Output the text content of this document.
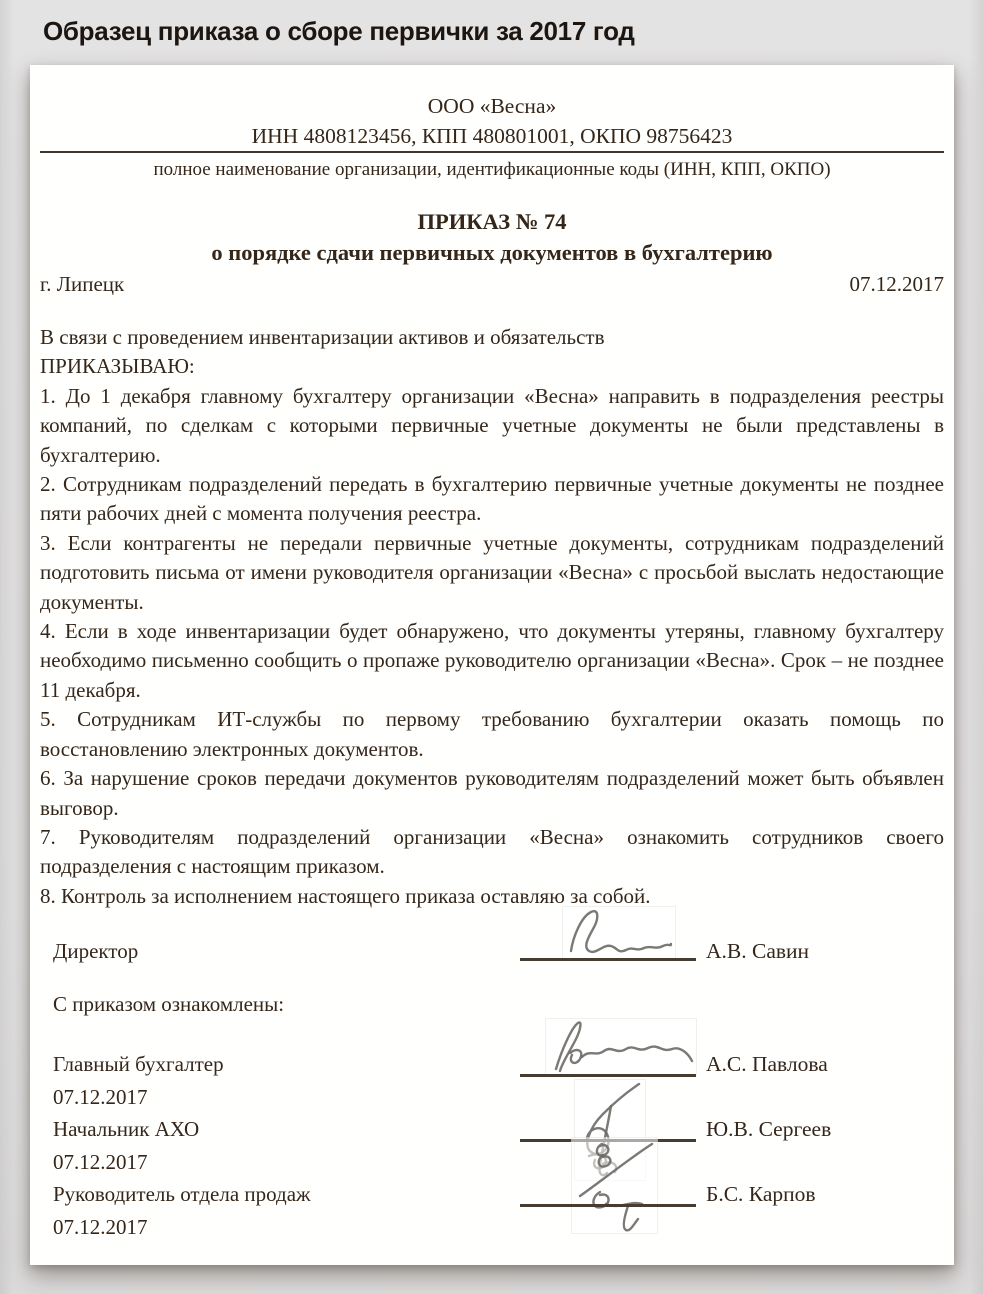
Образец приказа о сборе первички за 2017 год
ООО «Весна»
ИНН 4808123456, КПП 480801001, ОКПО 98756423
полное наименование организации, идентификационные коды (ИНН, КПП, ОКПО)
ПРИКАЗ № 74
о порядке сдачи первичных документов в бухгалтерию
г. Липецк	07.12.2017

В связи с проведением инвентаризации активов и обязательств

ПРИКАЗЫВАЮ:

1. До 1 декабря главному бухгалтеру организации «Весна» направить в подразделения реестры компаний, по сделкам с которыми первичные учетные документы не были представлены в бухгалтерию.

2. Сотрудникам подразделений передать в бухгалтерию первичные учетные документы не позднее пяти рабочих дней с момента получения реестра.

3. Если контрагенты не передали первичные учетные документы, сотрудникам подразделений подготовить письма от имени руководителя организации «Весна» с просьбой выслать недостающие документы.

4. Если в ходе инвентаризации будет обнаружено, что документы утеряны, главному бухгалтеру необходимо письменно сообщить о пропаже руководителю организации «Весна». Срок – не позднее 11 декабря.

5. Сотрудникам ИТ-службы по первому требованию бухгалтерии оказать помощь по восстановлению электронных документов.

6. За нарушение сроков передачи документов руководителям подразделений может быть объявлен выговор.

7. Руководителям подразделений организации «Весна» ознакомить сотрудников своего подразделения с настоящим приказом.

8. Контроль за исполнением настоящего приказа оставляю за собой.

Директор	А.В. Савин
С приказом ознакомлены:
Главный бухгалтер
07.12.2017
А.С. Павлова
Начальник АХО
07.12.2017
Ю.В. Сергеев
Руководитель отдела продаж
07.12.2017
Б.С. Карпов
